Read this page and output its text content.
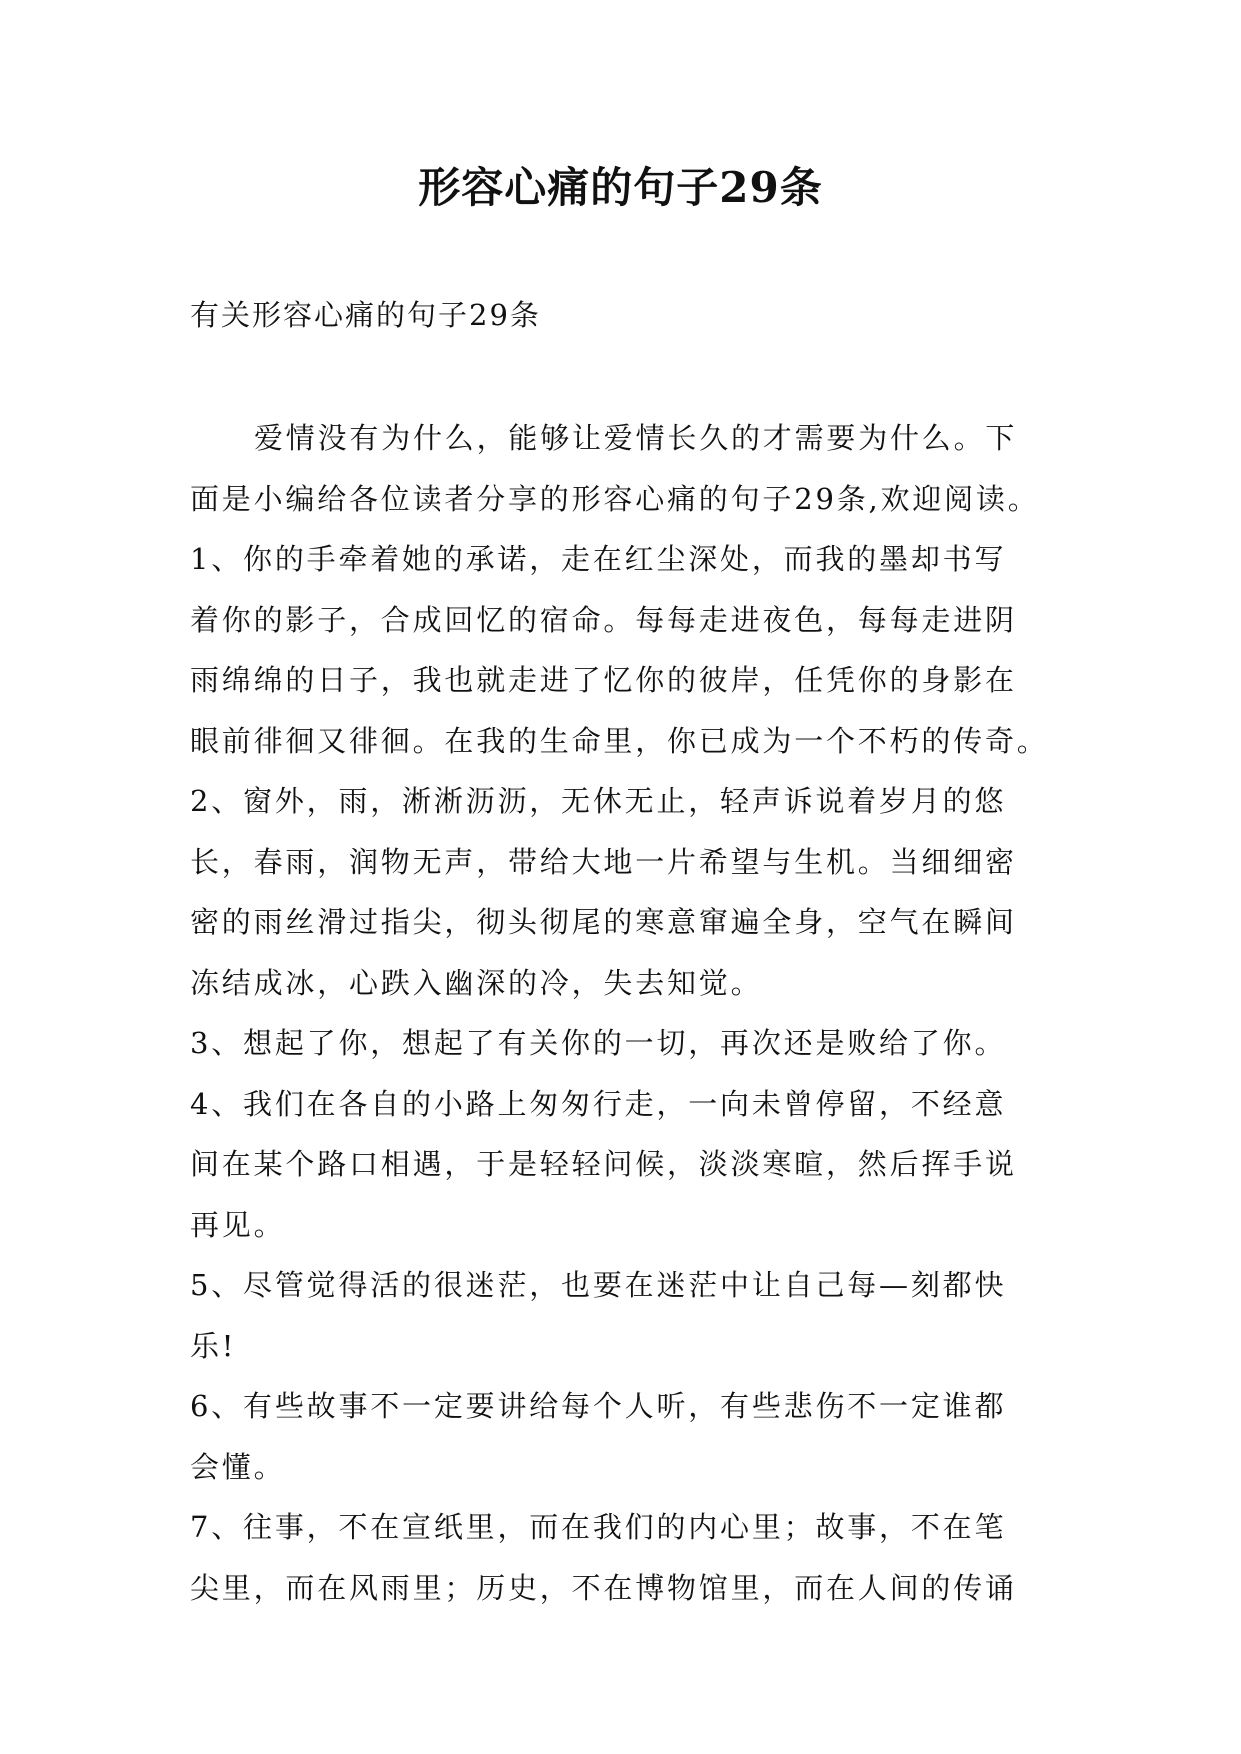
形容心痛的句子29条
有关形容心痛的句子29条
爱情没有为什么，能够让爱情长久的才需要为什么。下
面是小编给各位读者分享的形容心痛的句子29条,欢迎阅读。
1、你的手牵着她的承诺，走在红尘深处，而我的墨却书写
着你的影子，合成回忆的宿命。每每走进夜色，每每走进阴
雨绵绵的日子，我也就走进了忆你的彼岸，任凭你的身影在
眼前徘徊又徘徊。在我的生命里，你已成为一个不朽的传奇。
2、窗外，雨，淅淅沥沥，无休无止，轻声诉说着岁月的悠
长，春雨，润物无声，带给大地一片希望与生机。当细细密
密的雨丝滑过指尖，彻头彻尾的寒意窜遍全身，空气在瞬间
冻结成冰，心跌入幽深的冷，失去知觉。
3、想起了你，想起了有关你的一切，再次还是败给了你。
4、我们在各自的小路上匆匆行走，一向未曾停留，不经意
间在某个路口相遇，于是轻轻问候，淡淡寒暄，然后挥手说
再见。
5、尽管觉得活的很迷茫，也要在迷茫中让自己每—刻都快
乐!
6、有些故事不一定要讲给每个人听，有些悲伤不一定谁都
会懂。
7、往事，不在宣纸里，而在我们的内心里；故事，不在笔
尖里，而在风雨里；历史，不在博物馆里，而在人间的传诵
